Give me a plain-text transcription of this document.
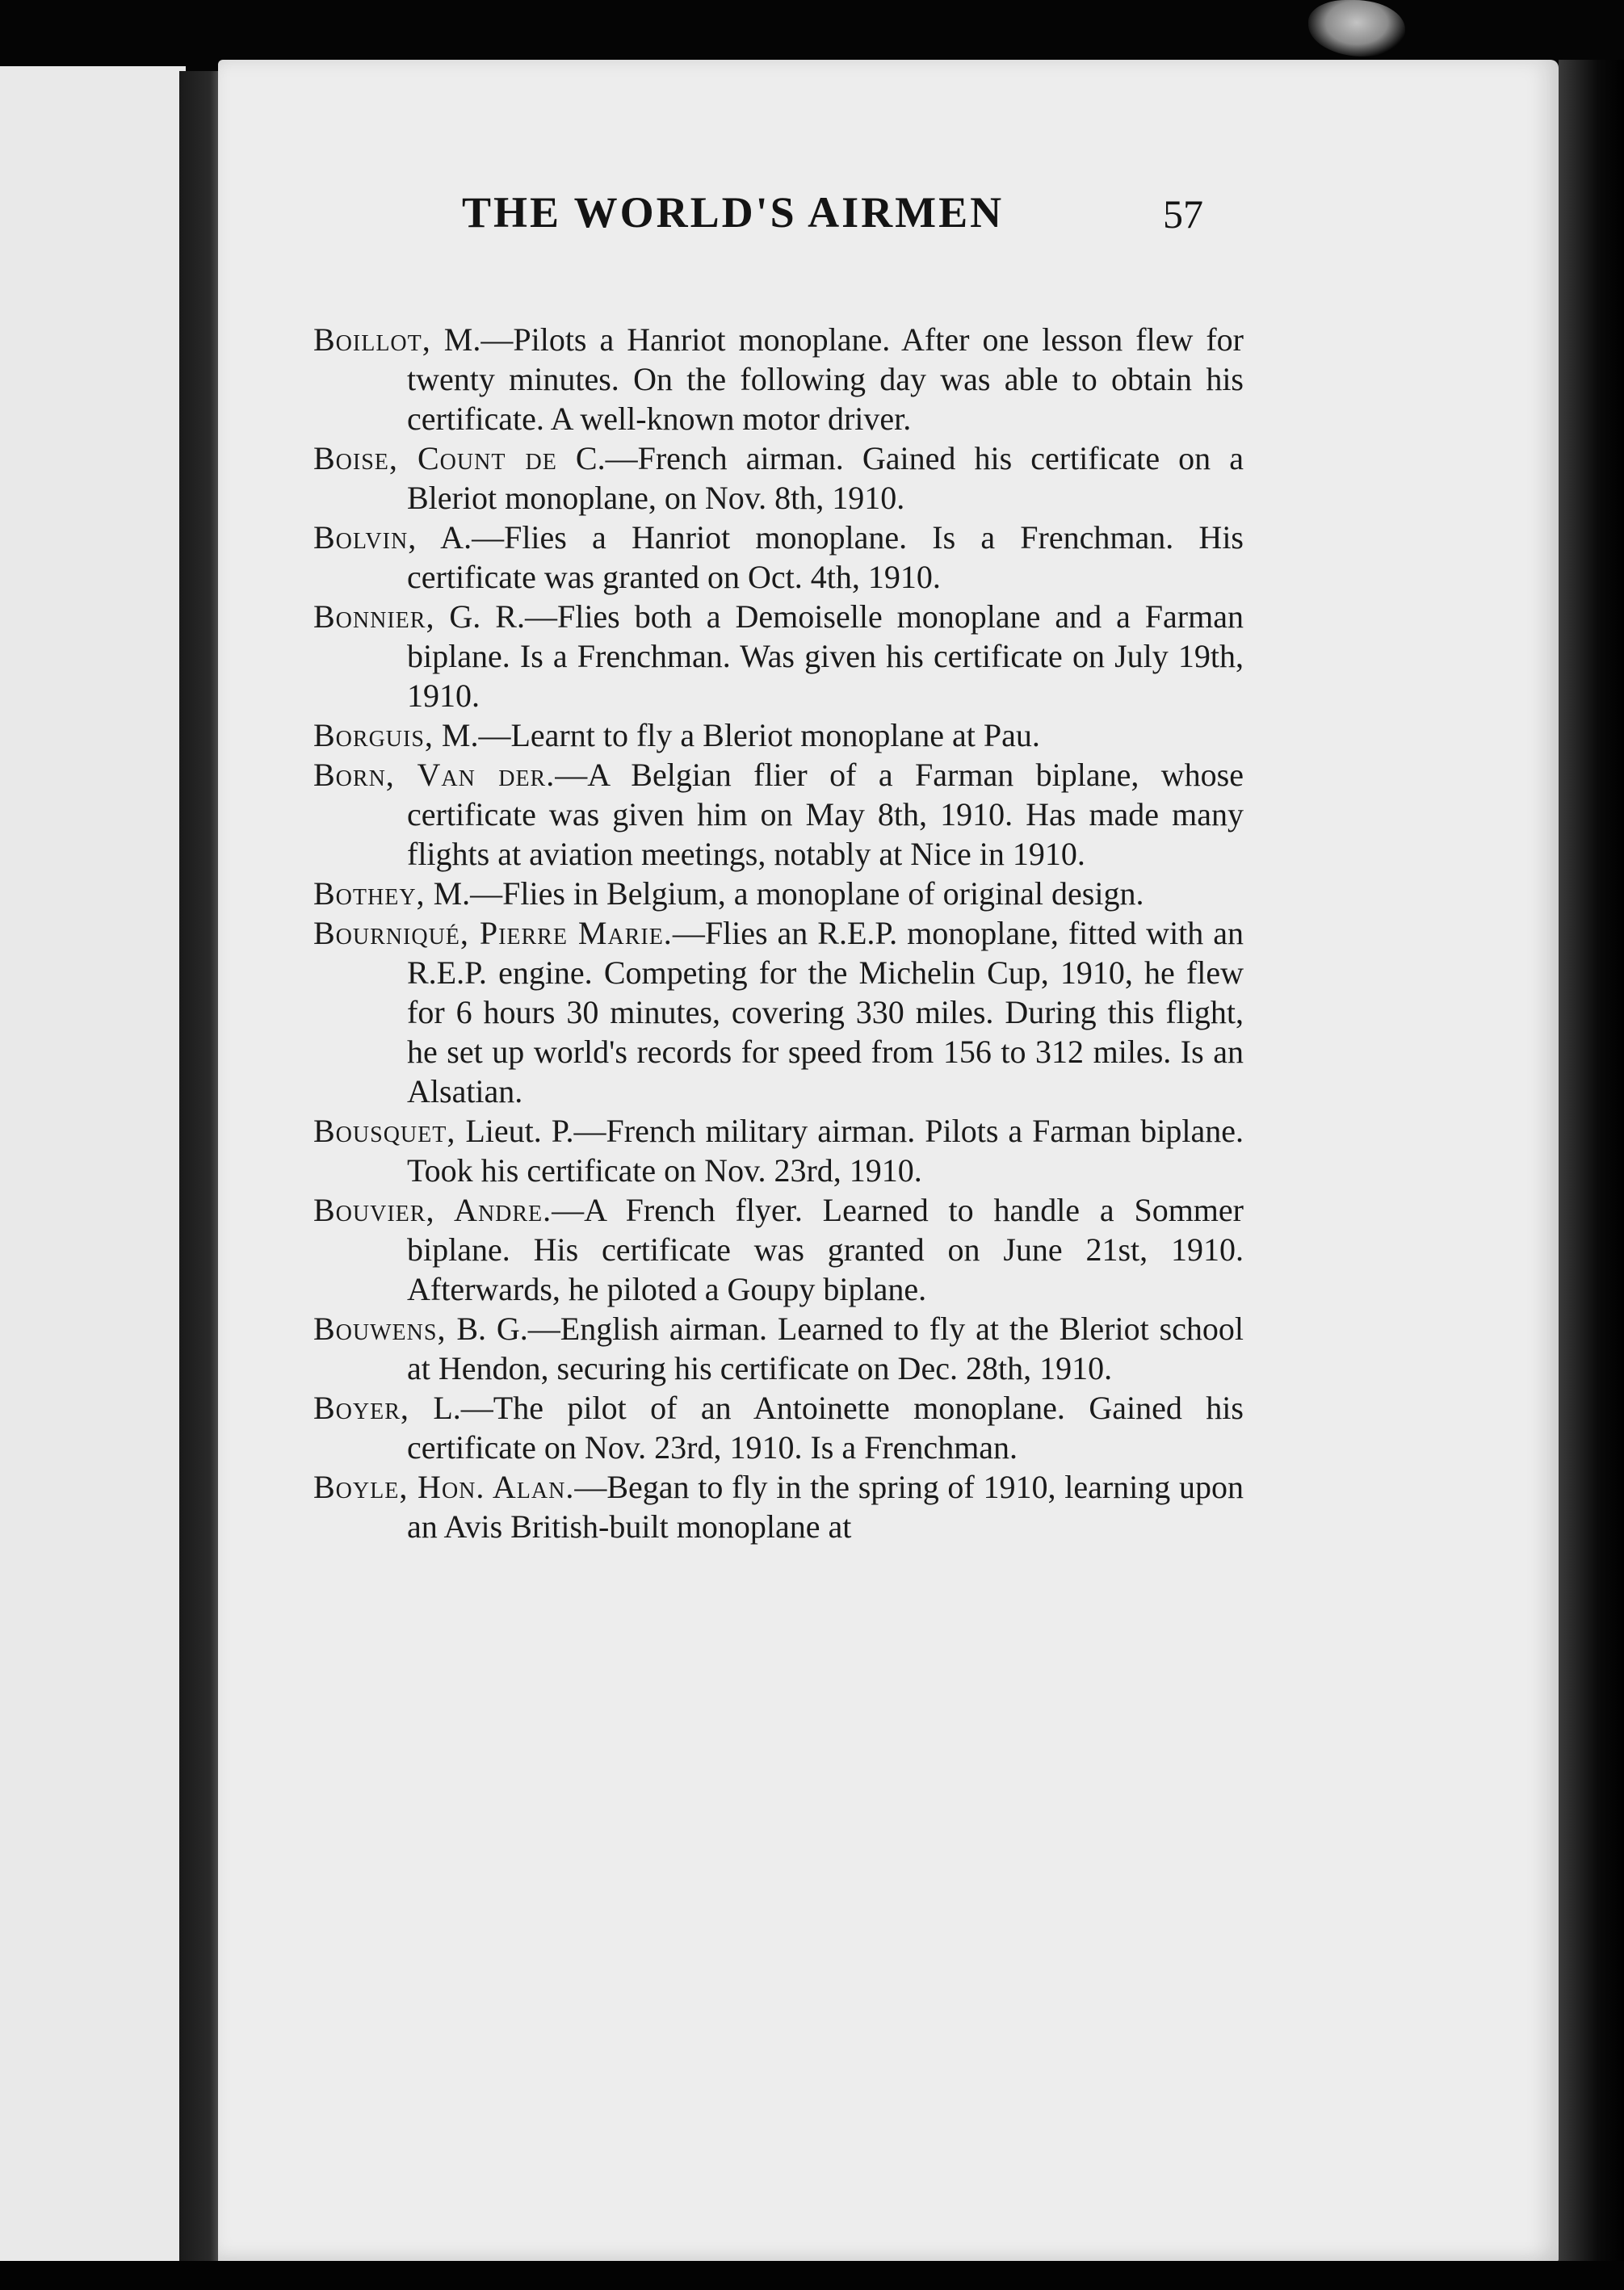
THE WORLD'S AIRMEN	57

Boillot, M.—Pilots a Hanriot monoplane. After one lesson flew for twenty minutes. On the following day was able to obtain his certificate. A well-known motor driver.

Boise, Count de C.—French airman. Gained his certificate on a Bleriot monoplane, on Nov. 8th, 1910.

Bolvin, A.—Flies a Hanriot monoplane. Is a Frenchman. His certificate was granted on Oct. 4th, 1910.

Bonnier, G. R.—Flies both a Demoiselle monoplane and a Farman biplane. Is a Frenchman. Was given his certificate on July 19th, 1910.

Borguis, M.—Learnt to fly a Bleriot monoplane at Pau.

Born, Van der.—A Belgian flier of a Farman biplane, whose certificate was given him on May 8th, 1910. Has made many flights at aviation meetings, notably at Nice in 1910.

Bothey, M.—Flies in Belgium, a monoplane of original design.

Bourniqué, Pierre Marie.—Flies an R.E.P. monoplane, fitted with an R.E.P. engine. Competing for the Michelin Cup, 1910, he flew for 6 hours 30 minutes, covering 330 miles. During this flight, he set up world's records for speed from 156 to 312 miles. Is an Alsatian.

Bousquet, Lieut. P.—French military airman. Pilots a Farman biplane. Took his certificate on Nov. 23rd, 1910.

Bouvier, Andre.—A French flyer. Learned to handle a Sommer biplane. His certificate was granted on June 21st, 1910. Afterwards, he piloted a Goupy biplane.

Bouwens, B. G.—English airman. Learned to fly at the Bleriot school at Hendon, securing his certificate on Dec. 28th, 1910.

Boyer, L.—The pilot of an Antoinette monoplane. Gained his certificate on Nov. 23rd, 1910. Is a Frenchman.

Boyle, Hon. Alan.—Began to fly in the spring of 1910, learning upon an Avis British-built monoplane at
